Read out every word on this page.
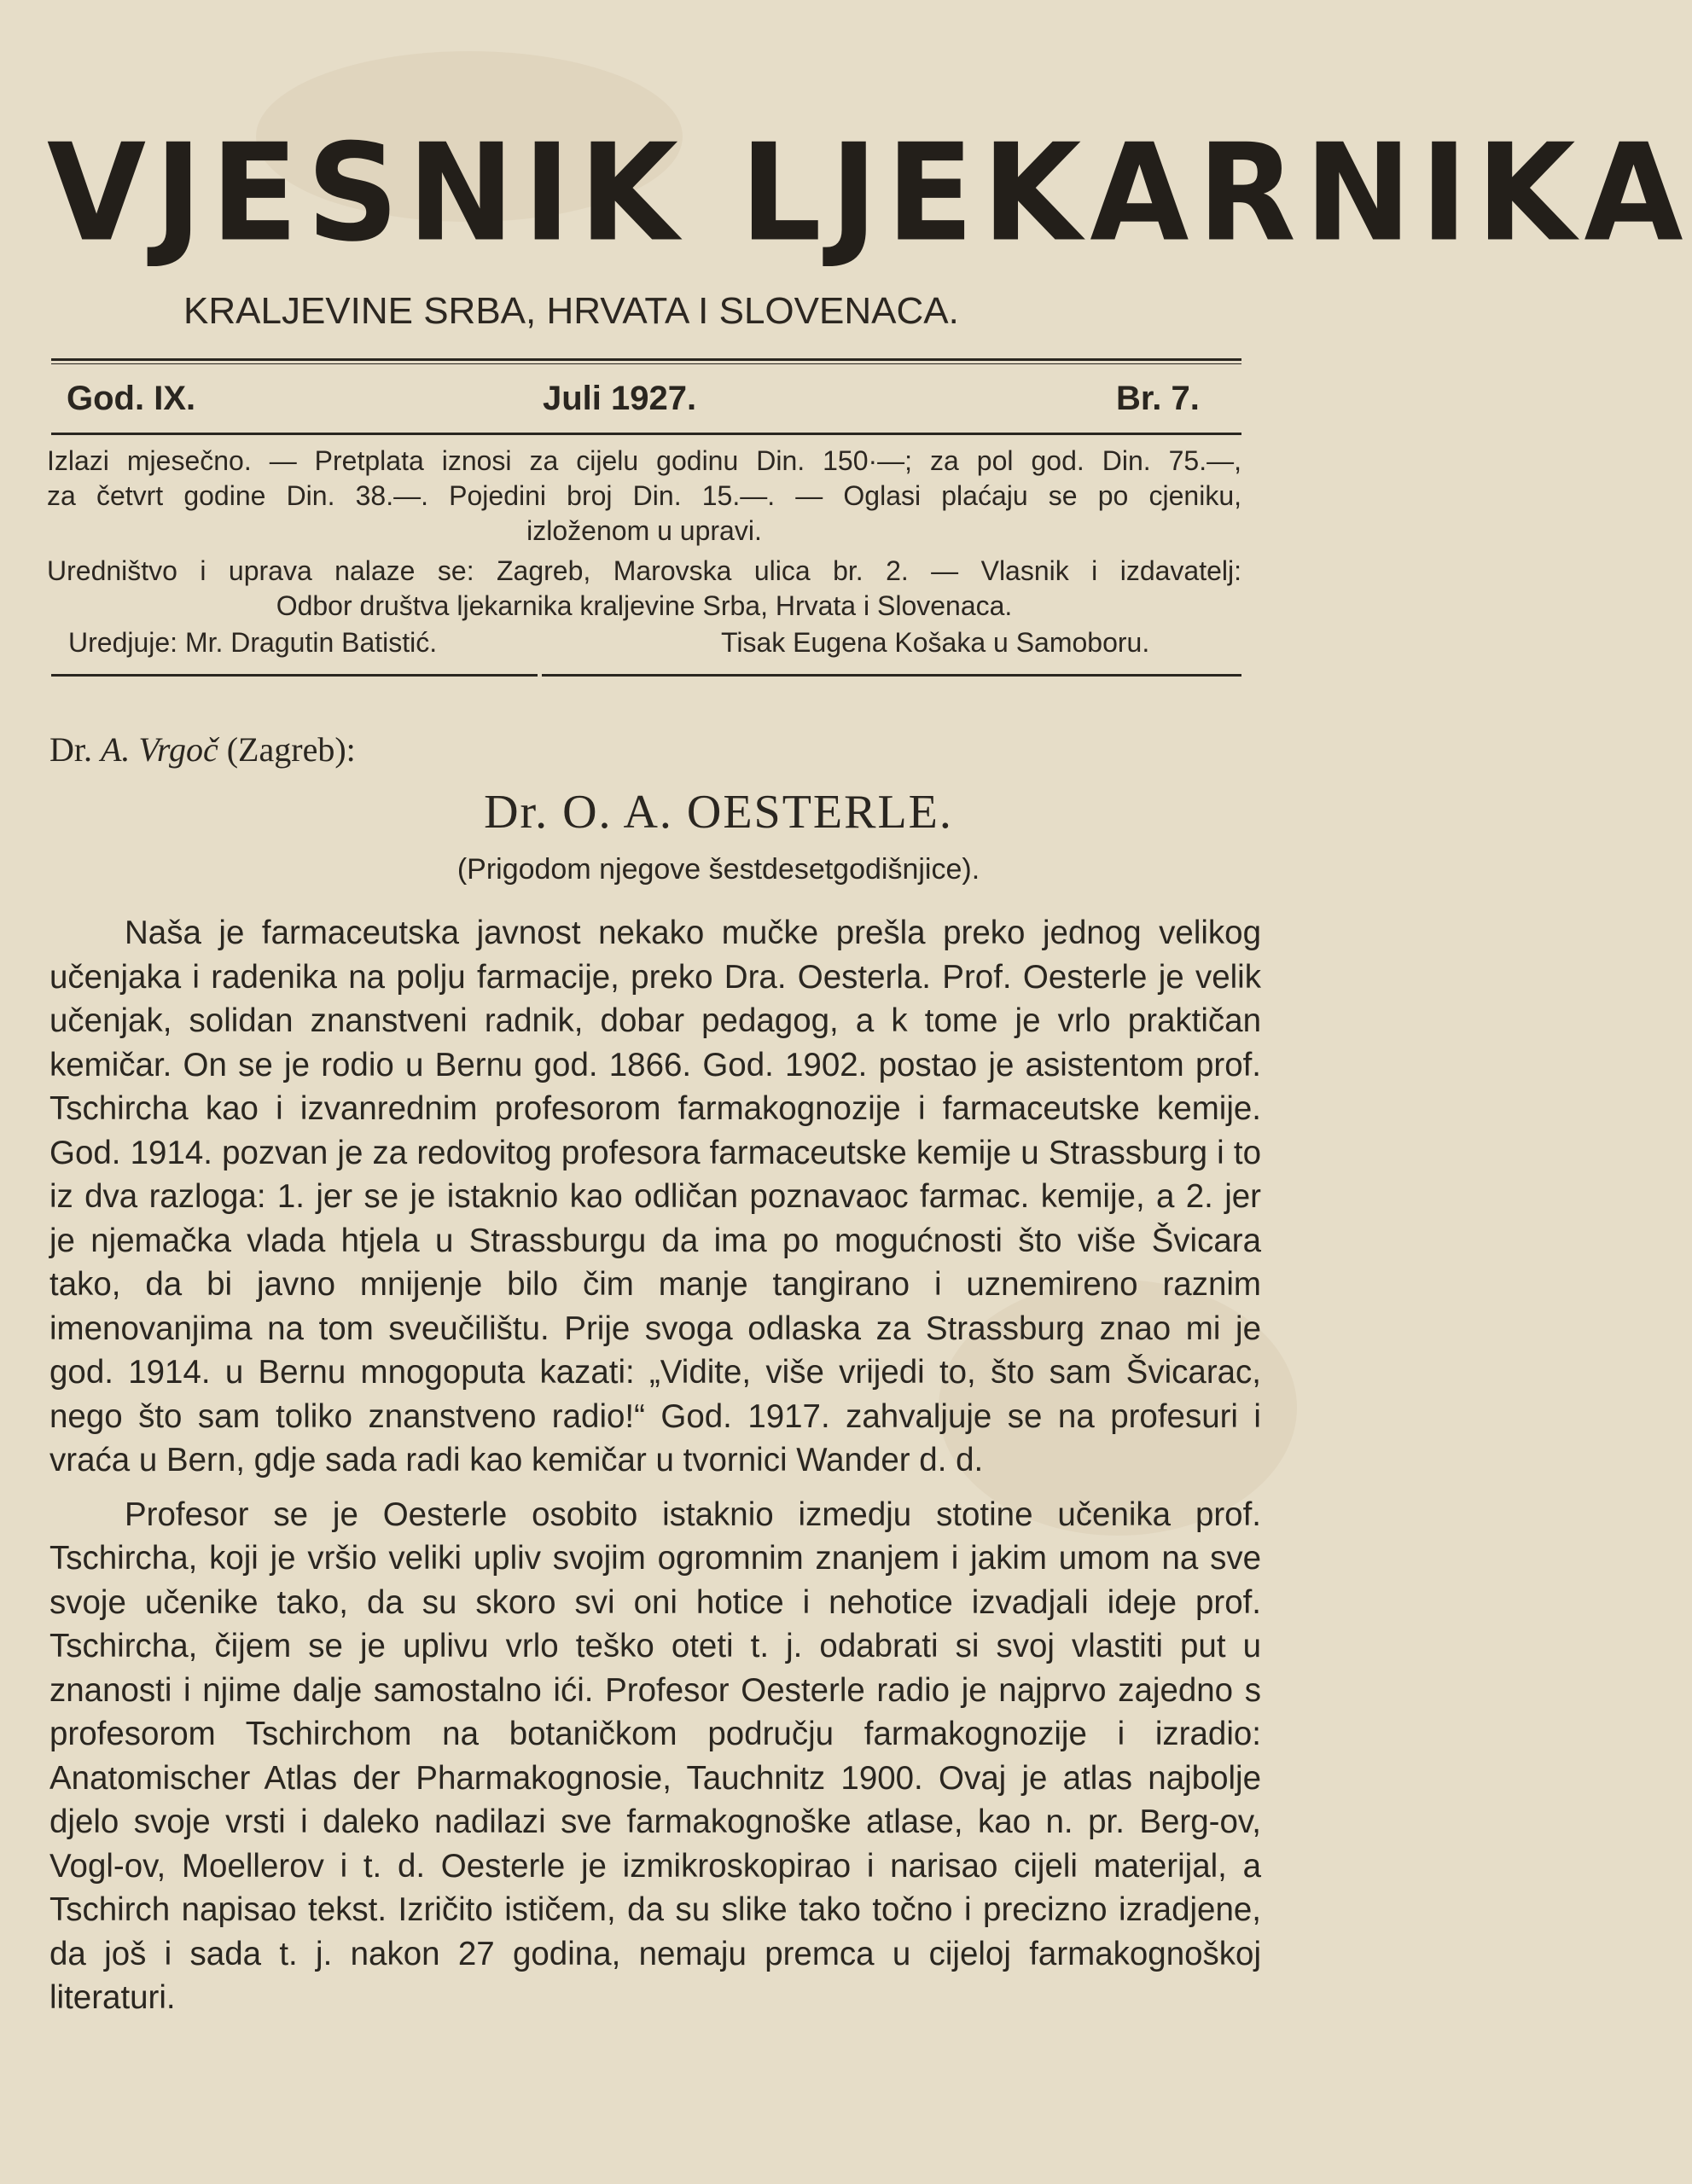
VJESNIK LJEKARNIKA
KRALJEVINE SRBA, HRVATA I SLOVENACA.
God. IX.	Juli 1927.	Br. 7.

Izlazi mjesečno. — Pretplata iznosi za cijelu godinu Din. 150·—; za pol god. Din. 75.—,

za četvrt godine Din. 38.—. Pojedini broj Din. 15.—. — Oglasi plaćaju se po cjeniku,

izloženom u upravi.

Uredništvo i uprava nalaze se: Zagreb, Marovska ulica br. 2. — Vlasnik i izdavatelj:

Odbor društva ljekarnika kraljevine Srba, Hrvata i Slovenaca.

Uredjuje: Mr. Dragutin Batistić.	Tisak Eugena Košaka u Samoboru.
Dr. A. Vrgoč (Zagreb):
Dr. O. A. OESTERLE.
(Prigodom njegove šestdesetgodišnjice).

Naša je farmaceutska javnost nekako mučke prešla preko jednog velikog učenjaka i radenika na polju farmacije, preko Dra. Oesterla. Prof. Oesterle je velik učenjak, solidan znanstveni radnik, dobar pedagog, a k tome je vrlo praktičan kemičar. On se je rodio u Bernu god. 1866. God. 1902. postao je asistentom prof. Tschircha kao i izvanrednim profesorom farmakognozije i farmaceutske kemije. God. 1914. pozvan je za redovitog profesora farmaceutske kemije u Strassburg i to iz dva razloga: 1. jer se je istaknio kao odličan poznavaoc farmac. kemije, a 2. jer je njemačka vlada htjela u Strassburgu da ima po mogućnosti što više Švicara tako, da bi javno mnijenje bilo čim manje tangirano i uznemireno raznim imenovanjima na tom sveučilištu. Prije svoga odlaska za Strassburg znao mi je god. 1914. u Bernu mnogoputa kazati: „Vidite, više vrijedi to, što sam Švicarac, nego što sam toliko znanstveno radio!“ God. 1917. zahvaljuje se na profesuri i vraća u Bern, gdje sada radi kao kemičar u tvornici Wander d. d.

Profesor se je Oesterle osobito istaknio izmedju stotine učenika prof. Tschircha, koji je vršio veliki upliv svojim ogromnim znanjem i jakim umom na sve svoje učenike tako, da su skoro svi oni hotice i nehotice izvadjali ideje prof. Tschircha, čijem se je uplivu vrlo teško oteti t. j. odabrati si svoj vlastiti put u znanosti i njime dalje samostalno ići. Profesor Oesterle radio je najprvo zajedno s profesorom Tschirchom na botaničkom području farmakognozije i izradio: Anatomischer Atlas der Pharmakognosie, Tauchnitz 1900. Ovaj je atlas najbolje djelo svoje vrsti i daleko nadilazi sve farmakognoške atlase, kao n. pr. Berg-ov, Vogl-ov, Moellerov i t. d. Oesterle je izmikroskopirao i narisao cijeli materijal, a Tschirch napisao tekst. Izričito ističem, da su slike tako točno i precizno izradjene, da još i sada t. j. nakon 27 godina, nemaju premca u cijeloj farmakognoškoj literaturi.
